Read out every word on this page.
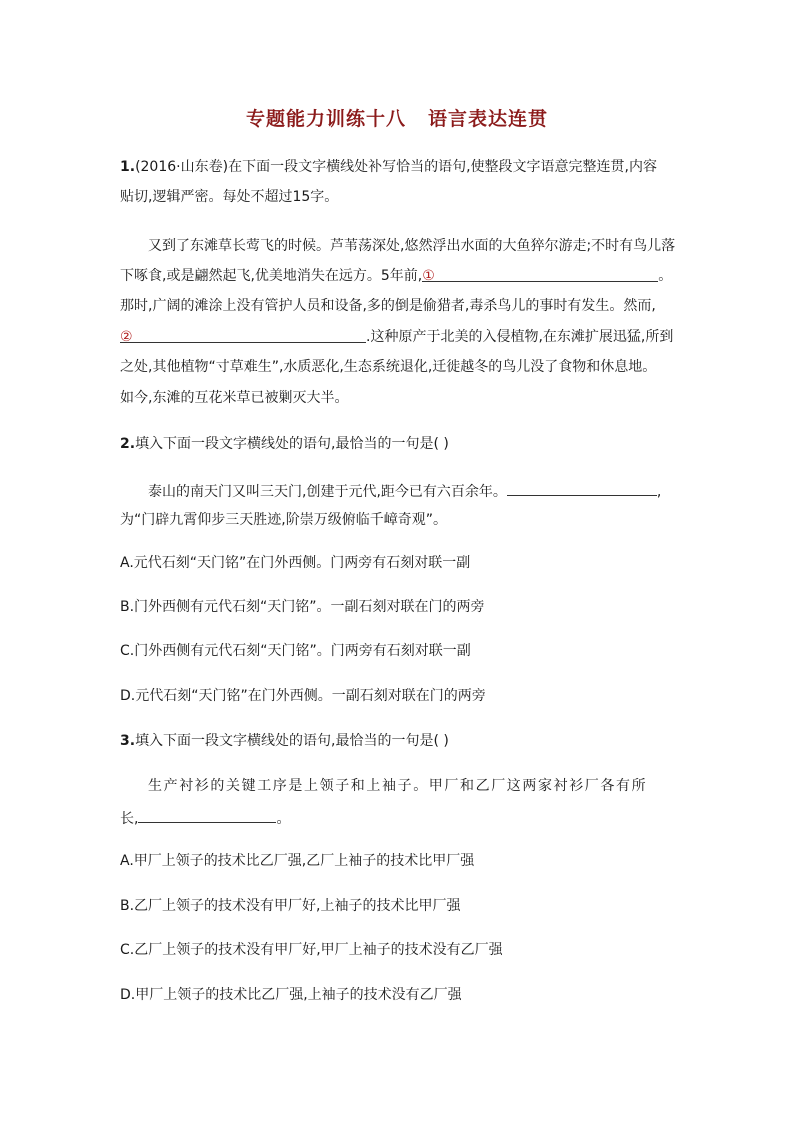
专题能力训练十八 语言表达连贯
1.(2016·山东卷)在下面一段文字横线处补写恰当的语句,使整段文字语意完整连贯,内容
贴切,逻辑严密。每处不超过15字。
又到了东滩草长莺飞的时候。芦苇荡深处,悠然浮出水面的大鱼猝尔游走;不时有鸟儿落
下啄食,或是翩然起飞,优美地消失在远方。5年前,①	。
那时,广阔的滩涂上没有管护人员和设备,多的倒是偷猎者,毒杀鸟儿的事时有发生。然而,
②	.这种原产于北美的入侵植物,在东滩扩展迅猛,所到
之处,其他植物“寸草难生”,水质恶化,生态系统退化,迁徙越冬的鸟儿没了食物和休息地。
如今,东滩的互花米草已被剿灭大半。
2.填入下面一段文字横线处的语句,最恰当的一句是( )
泰山的南天门又叫三天门,创建于元代,距今已有六百余年。	,
为“门辟九霄仰步三天胜迹,阶崇万级俯临千嶂奇观”。
A.元代石刻“天门铭”在门外西侧。门两旁有石刻对联一副
B.门外西侧有元代石刻“天门铭”。一副石刻对联在门的两旁
C.门外西侧有元代石刻“天门铭”。门两旁有石刻对联一副
D.元代石刻“天门铭”在门外西侧。一副石刻对联在门的两旁
3.填入下面一段文字横线处的语句,最恰当的一句是( )
生产衬衫的关键工序是上领子和上袖子。甲厂和乙厂这两家衬衫厂各有所
长,	。
A.甲厂上领子的技术比乙厂强,乙厂上袖子的技术比甲厂强
B.乙厂上领子的技术没有甲厂好,上袖子的技术比甲厂强
C.乙厂上领子的技术没有甲厂好,甲厂上袖子的技术没有乙厂强
D.甲厂上领子的技术比乙厂强,上袖子的技术没有乙厂强
